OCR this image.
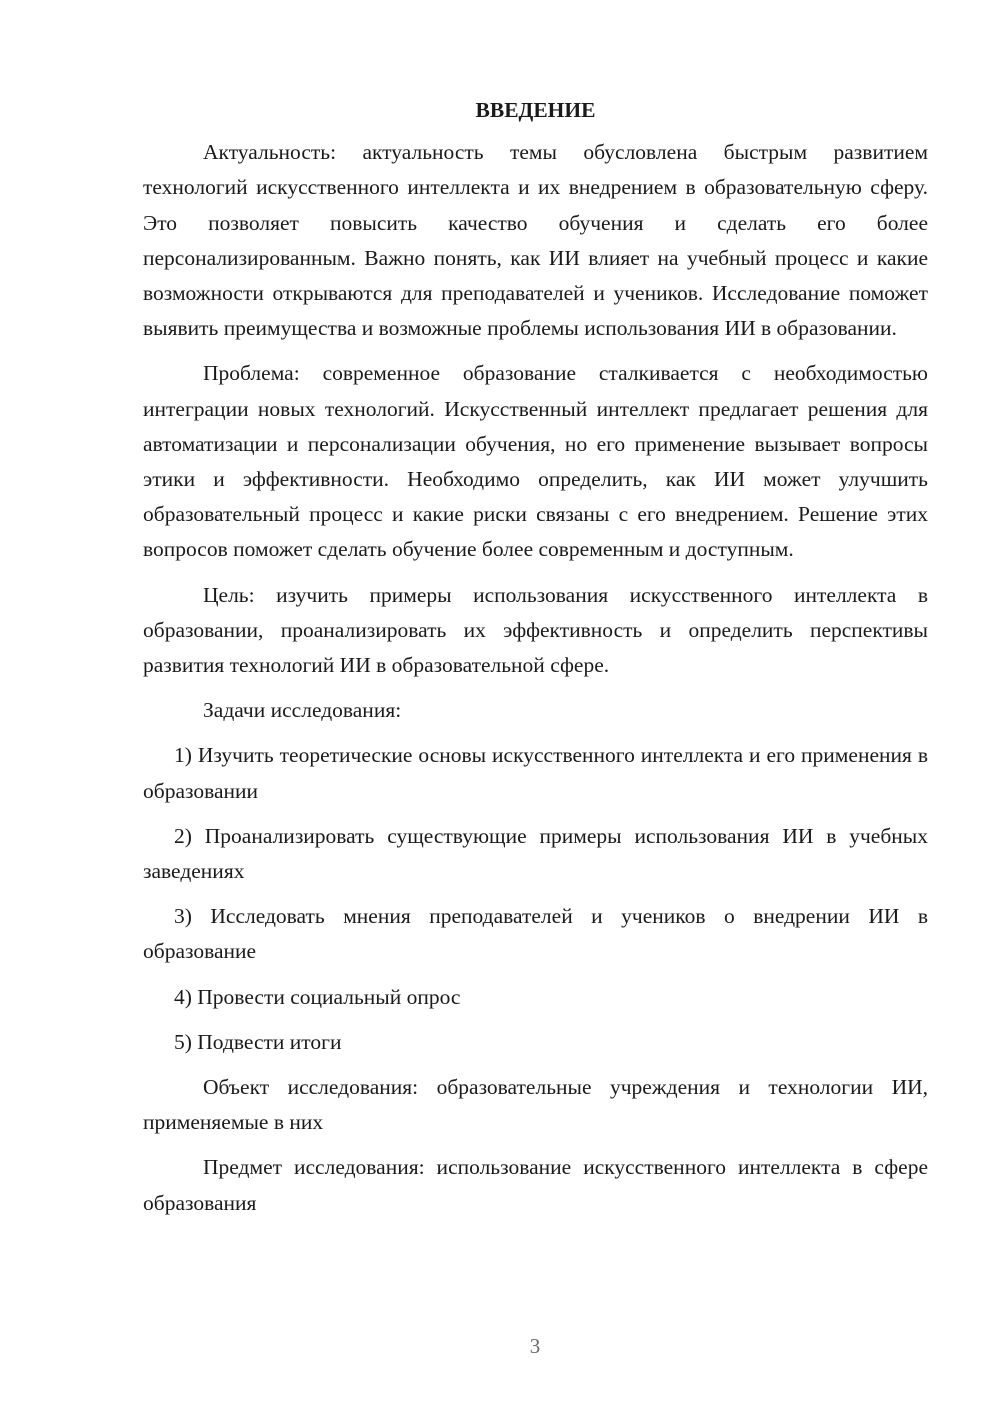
ВВЕДЕНИЕ

Актуальность: актуальность темы обусловлена быстрым развитием технологий искусственного интеллекта и их внедрением в образовательную сферу. Это позволяет повысить качество обучения и сделать его более персонализированным. Важно понять, как ИИ влияет на учебный процесс и какие возможности открываются для преподавателей и учеников. Исследование поможет выявить преимущества и возможные проблемы использования ИИ в образовании.

Проблема: современное образование сталкивается с необходимостью интеграции новых технологий. Искусственный интеллект предлагает решения для автоматизации и персонализации обучения, но его применение вызывает вопросы этики и эффективности. Необходимо определить, как ИИ может улучшить образовательный процесс и какие риски связаны с его внедрением. Решение этих вопросов поможет сделать обучение более современным и доступным.

Цель: изучить примеры использования искусственного интеллекта в образовании, проанализировать их эффективность и определить перспективы развития технологий ИИ в образовательной сфере.

Задачи исследования:

1) Изучить теоретические основы искусственного интеллекта и его применения в образовании

2) Проанализировать существующие примеры использования ИИ в учебных заведениях

3) Исследовать мнения преподавателей и учеников о внедрении ИИ в образование

4) Провести социальный опрос

5) Подвести итоги

Объект исследования: образовательные учреждения и технологии ИИ, применяемые в них

Предмет исследования: использование искусственного интеллекта в сфере образования

3
